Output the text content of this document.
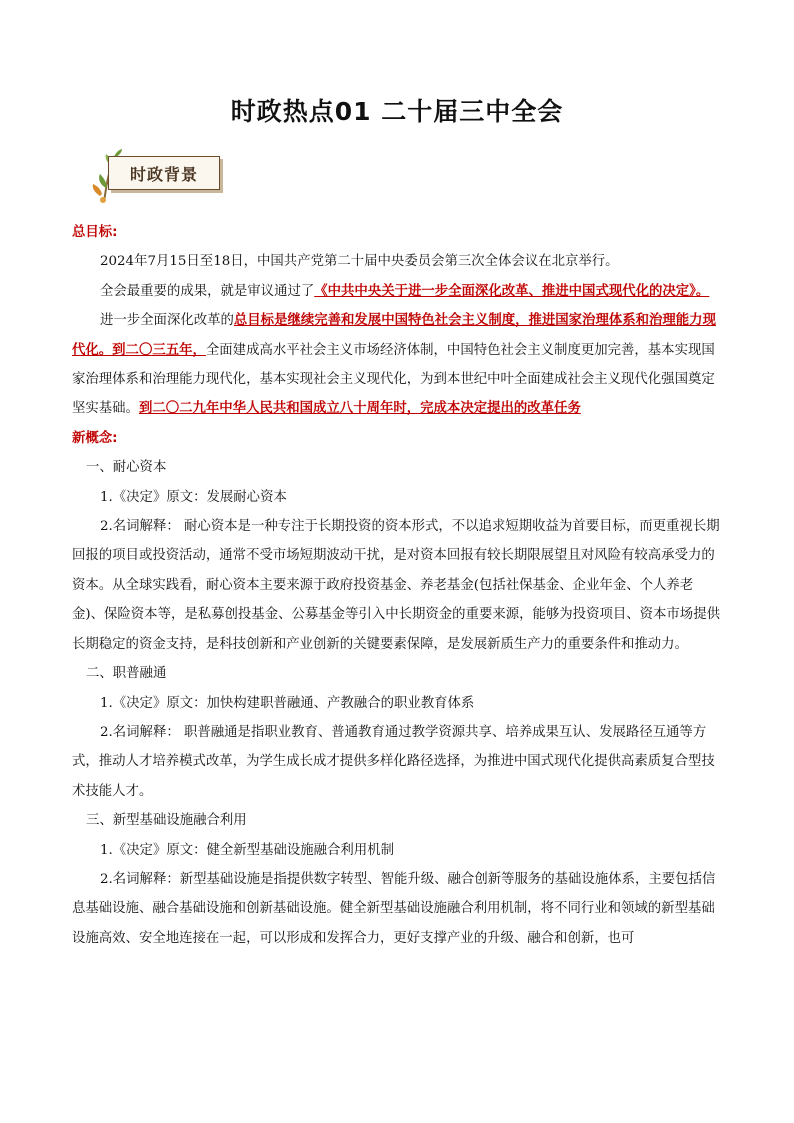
时政热点01 二十届三中全会
时政背景

总目标:

2024年7月15日至18日，中国共产党第二十届中央委员会第三次全体会议在北京举行。

全会最重要的成果，就是审议通过了《中共中央关于进一步全面深化改革、推进中国式现代化的决定》。

进一步全面深化改革的总目标是继续完善和发展中国特色社会主义制度，推进国家治理体系和治理能力现代化。到二〇三五年，全面建成高水平社会主义市场经济体制，中国特色社会主义制度更加完善，基本实现国家治理体系和治理能力现代化，基本实现社会主义现代化，为到本世纪中叶全面建成社会主义现代化强国奠定坚实基础。到二〇二九年中华人民共和国成立八十周年时，完成本决定提出的改革任务

新概念:

一、耐心资本

1.《决定》原文：发展耐心资本

2.名词解释： 耐心资本是一种专注于长期投资的资本形式，不以追求短期收益为首要目标，而更重视长期回报的项目或投资活动，通常不受市场短期波动干扰，是对资本回报有较长期限展望且对风险有较高承受力的资本。从全球实践看，耐心资本主要来源于政府投资基金、养老基金(包括社保基金、企业年金、个人养老金)、保险资本等，是私募创投基金、公募基金等引入中长期资金的重要来源，能够为投资项目、资本市场提供长期稳定的资金支持，是科技创新和产业创新的关键要素保障，是发展新质生产力的重要条件和推动力。

二、职普融通

1.《决定》原文：加快构建职普融通、产教融合的职业教育体系

2.名词解释： 职普融通是指职业教育、普通教育通过教学资源共享、培养成果互认、发展路径互通等方式，推动人才培养模式改革，为学生成长成才提供多样化路径选择，为推进中国式现代化提供高素质复合型技术技能人才。

三、新型基础设施融合利用

1.《决定》原文：健全新型基础设施融合利用机制

2.名词解释：新型基础设施是指提供数字转型、智能升级、融合创新等服务的基础设施体系，主要包括信息基础设施、融合基础设施和创新基础设施。健全新型基础设施融合利用机制，将不同行业和领域的新型基础设施高效、安全地连接在一起，可以形成和发挥合力，更好支撑产业的升级、融合和创新，也可
